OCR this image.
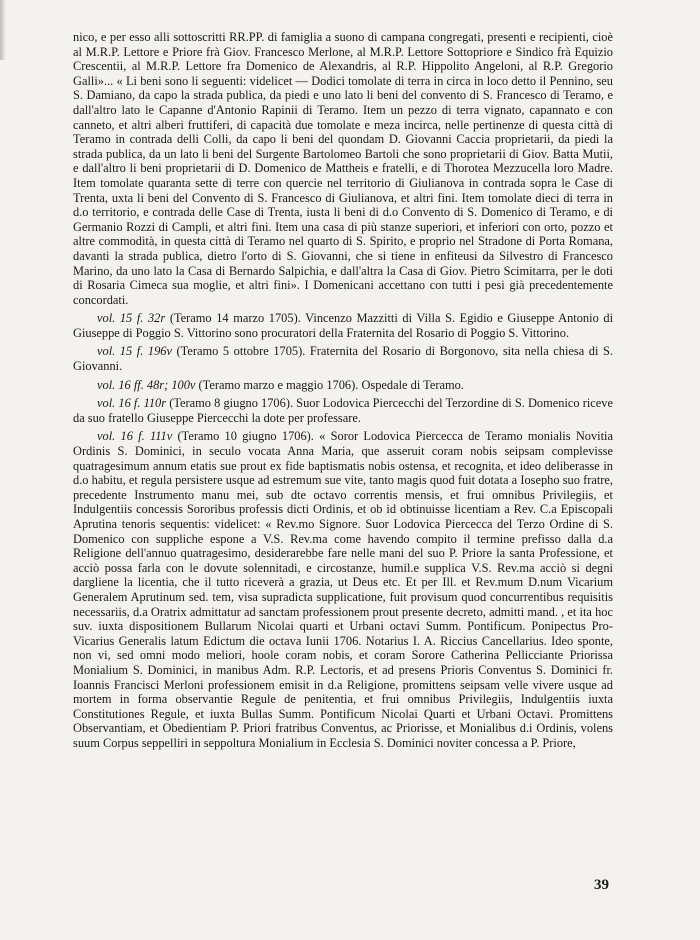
nico, e per esso alli sottoscritti RR.PP. di famiglia a suono di campana congregati, presenti e recipienti, cioè al M.R.P. Lettore e Priore frà Giov. Francesco Merlone, al M.R.P. Lettore Sottopriore e Sindico frà Equizio Crescentii, al M.R.P. Lettore fra Domenico de Alexandris, al R.P. Hippolito Angeloni, al R.P. Gregorio Galli»... « Li beni sono li seguenti: videlicet — Dodici tomolate di terra in circa in loco detto il Pennino, seu S. Damiano, da capo la strada publica, da piedi e uno lato li beni del convento di S. Francesco di Teramo, e dall'altro lato le Capanne d'Antonio Rapinii di Teramo. Item un pezzo di terra vignato, capannato e con canneto, et altri alberi fruttiferi, di capacità due tomolate e meza incirca, nelle pertinenze di questa città di Teramo in contrada delli Colli, da capo li beni del quondam D. Giovanni Caccia proprietarii, da piedi la strada publica, da un lato li beni del Surgente Bartolomeo Bartoli che sono proprietarii di Giov. Batta Mutii, e dall'altro li beni proprietarii di D. Domenico de Mattheis e fratelli, e di Thorotea Mezzucella loro Madre. Item tomolate quaranta sette di terre con quercie nel territorio di Giulianova in contrada sopra le Case di Trenta, uxta li beni del Convento di S. Francesco di Giulianova, et altri fini. Item tomolate dieci di terra in d.o territorio, e contrada delle Case di Trenta, iusta li beni di d.o Convento di S. Domenico di Teramo, e di Germanio Rozzi di Campli, et altri fini. Item una casa di più stanze superiori, et inferiori con orto, pozzo et altre commodità, in questa città di Teramo nel quarto di S. Spirito, e proprio nel Stradone di Porta Romana, davanti la strada publica, dietro l'orto di S. Giovanni, che si tiene in enfiteusi da Silvestro di Francesco Marino, da uno lato la Casa di Bernardo Salpichia, e dall'altra la Casa di Giov. Pietro Scimitarra, per le doti di Rosaria Cimeca sua moglie, et altri fini». I Domenicani accettano con tutti i pesi già precedentemente concordati.

vol. 15 f. 32r (Teramo 14 marzo 1705). Vincenzo Mazzitti di Villa S. Egidio e Giuseppe Antonio di Giuseppe di Poggio S. Vittorino sono procuratori della Fraternita del Rosario di Poggio S. Vittorino.

vol. 15 f. 196v (Teramo 5 ottobre 1705). Fraternita del Rosario di Borgonovo, sita nella chiesa di S. Giovanni.

vol. 16 ff. 48r; 100v (Teramo marzo e maggio 1706). Ospedale di Teramo.

vol. 16 f. 110r (Teramo 8 giugno 1706). Suor Lodovica Piercecchi del Terzordine di S. Domenico riceve da suo fratello Giuseppe Piercecchi la dote per professare.

vol. 16 f. 111v (Teramo 10 giugno 1706). « Soror Lodovica Piercecca de Teramo monialis Novitia Ordinis S. Dominici, in seculo vocata Anna Maria, que asseruit coram nobis seipsam complevisse quatragesimum annum etatis sue prout ex fide baptismatis nobis ostensa, et recognita, et ideo deliberasse in d.o habitu, et regula persistere usque ad estremum sue vite, tanto magis quod fuit dotata a Iosepho suo fratre, precedente Instrumento manu mei, sub dte octavo correntis mensis, et frui omnibus Privilegiis, et Indulgentiis concessis Sororibus professis dicti Ordinis, et ob id obtinuisse licentiam a Rev. C.a Episcopali Aprutina tenoris sequentis: videlicet: « Rev.mo Signore. Suor Lodovica Piercecca del Terzo Ordine di S. Domenico con suppliche espone a V.S. Rev.ma come havendo compito il termine prefisso dalla d.a Religione dell'annuo quatragesimo, desiderarebbe fare nelle mani del suo P. Priore la santa Professione, et acciò possa farla con le dovute solennitadi, e circostanze, humil.e supplica V.S. Rev.ma acciò si degni dargliene la licentia, che il tutto riceverà a grazia, ut Deus etc. Et per Ill. et Rev.mum D.num Vicarium Generalem Aprutinum sed. tem, visa supradicta supplicatione, fuit provisum quod concurrentibus requisitis necessariis, d.a Oratrix admittatur ad sanctam professionem prout presente decreto, admitti mand. , et ita hoc suv. iuxta dispositionem Bullarum Nicolai quarti et Urbani octavi Summ. Pontificum. Ponipectus Pro-Vicarius Generalis latum Edictum die octava Iunii 1706. Notarius I. A. Riccius Cancellarius. Ideo sponte, non vi, sed omni modo meliori, hoole coram nobis, et coram Sorore Catherina Pellicciante Priorissa Monialium S. Dominici, in manibus Adm. R.P. Lectoris, et ad presens Prioris Conventus S. Dominici fr. Ioannis Francisci Merloni professionem emisit in d.a Religione, promittens seipsam velle vivere usque ad mortem in forma observantie Regule de penitentia, et frui omnibus Privilegiis, Indulgentiis iuxta Constitutiones Regule, et iuxta Bullas Summ. Pontificum Nicolai Quarti et Urbani Octavi. Promittens Observantiam, et Obedientiam P. Priori fratribus Conventus, ac Priorisse, et Monialibus d.i Ordinis, volens suum Corpus seppelliri in seppoltura Monialium in Ecclesia S. Dominici noviter concessa a P. Priore,

39
